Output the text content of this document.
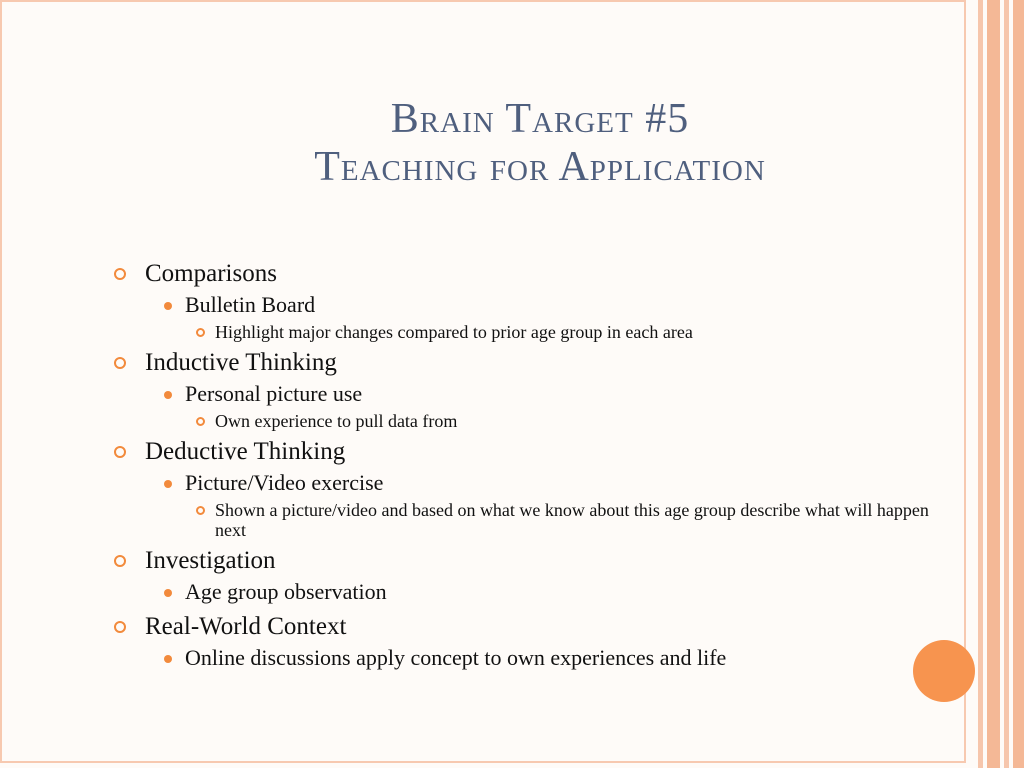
Brain Target #5
Teaching for Application
Comparisons
Bulletin Board
Highlight major changes compared to prior age group in each area
Inductive Thinking
Personal picture use
Own experience to pull data from
Deductive Thinking
Picture/Video exercise
Shown a picture/video and based on what we know about this age group describe what will happen next
Investigation
Age group observation
Real-World Context
Online discussions apply concept to own experiences and life
